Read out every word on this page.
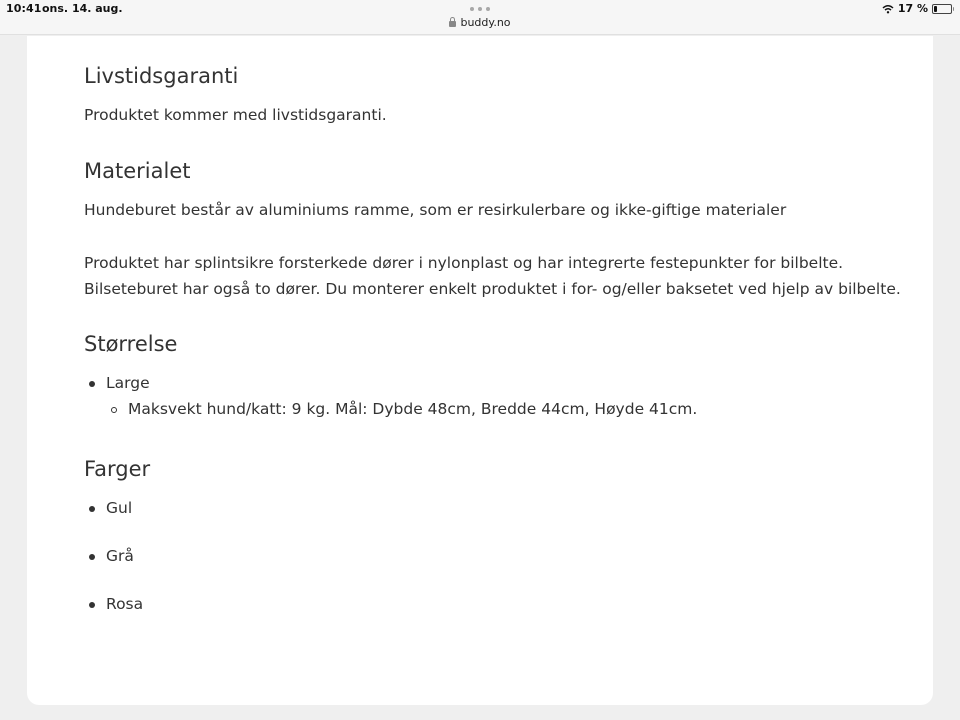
10:41 ons. 14. aug.
buddy.no
17 %
Livstidsgaranti

Produktet kommer med livstidsgaranti.

Materialet

Hundeburet består av aluminiums ramme, som er resirkulerbare og ikke-giftige materialer

Produktet har splintsikre forsterkede dører i nylonplast og har integrerte festepunkter for bilbelte.

Bilseteburet har også to dører. Du monterer enkelt produktet i for- og/eller baksetet ved hjelp av bilbelte.

Størrelse
Large
Maksvekt hund/katt: 9 kg. Mål: Dybde 48cm, Bredde 44cm, Høyde 41cm.
Farger
Gul
Grå
Rosa
